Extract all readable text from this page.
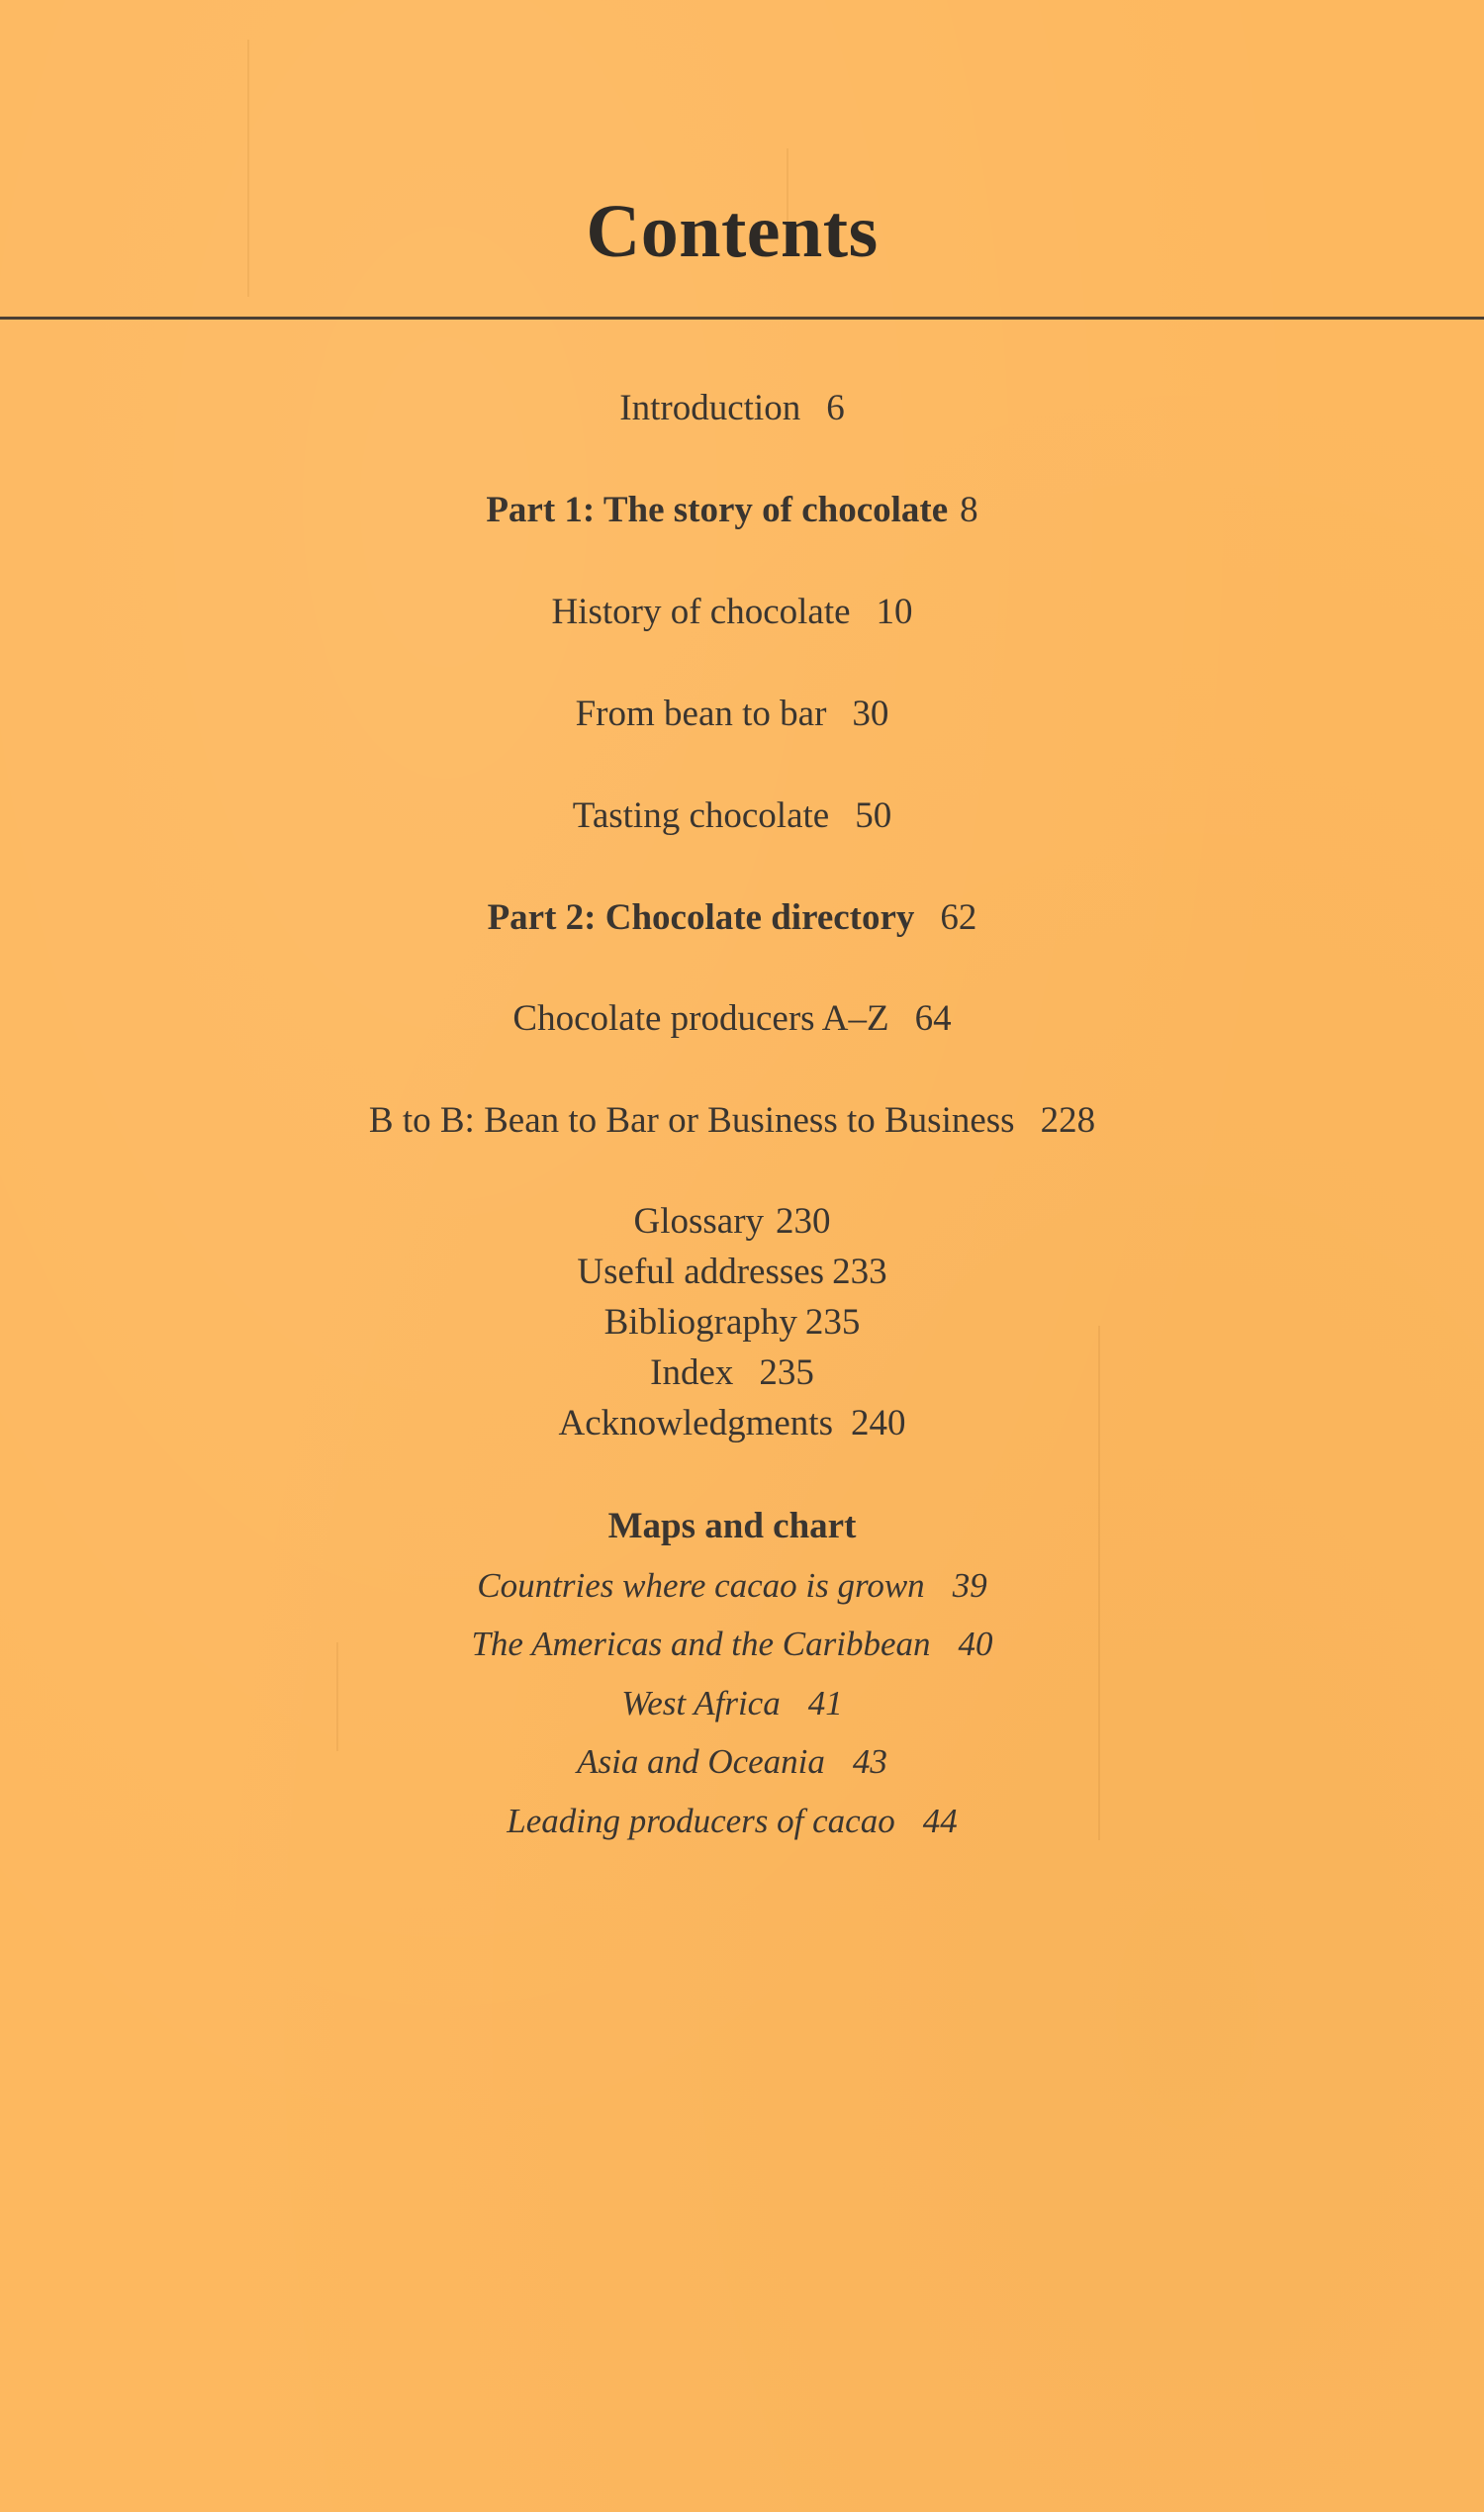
Contents
Introduction 6
Part 1: The story of chocolate 8
History of chocolate 10
From bean to bar 30
Tasting chocolate 50
Part 2: Chocolate directory 62
Chocolate producers A–Z 64
B to B: Bean to Bar or Business to Business 228
Glossary 230
Useful addresses 233
Bibliography 235
Index 235
Acknowledgments 240
Maps and chart
Countries where cacao is grown 39
The Americas and the Caribbean 40
West Africa 41
Asia and Oceania 43
Leading producers of cacao 44
